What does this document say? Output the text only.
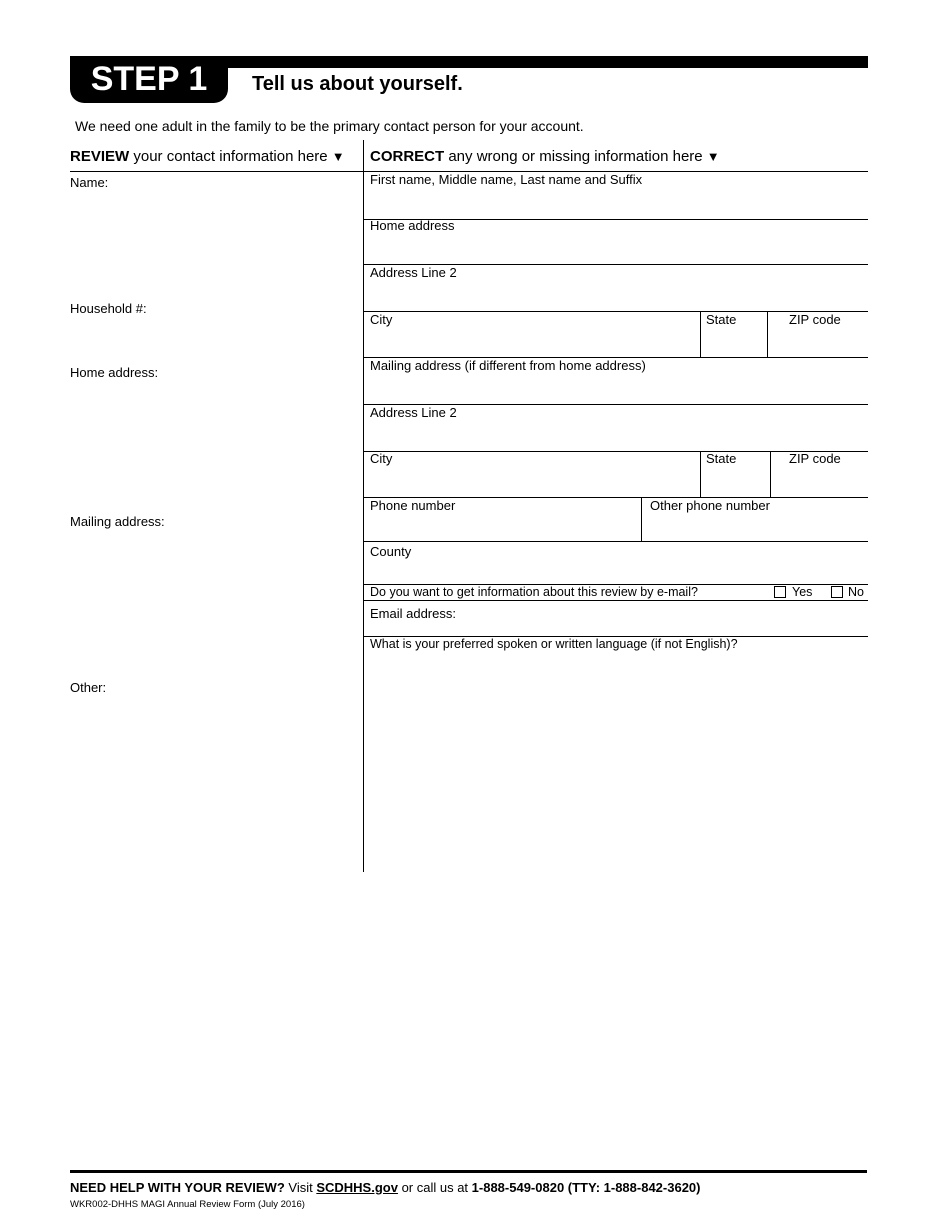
STEP 1	Tell us about yourself.
We need one adult in the family to be the primary contact person for your account.
REVIEW your contact information here ▼ CORRECT any wrong or missing information here ▼
Name:
Household #:
Home address:
Mailing address:
Other:
First name, Middle name, Last name and Suffix
Home address
Address Line 2
City	State	ZIP code
Mailing address (if different from home address)
Address Line 2
City	State	ZIP code
Phone number	Other phone number
County
Do you want to get information about this review by e-mail?	Yes	No
Email address:
What is your preferred spoken or written language (if not English)?
NEED HELP WITH YOUR REVIEW? Visit SCDHHS.gov or call us at 1-888-549-0820 (TTY: 1-888-842-3620)
WKR002-DHHS MAGI Annual Review Form (July 2016)
